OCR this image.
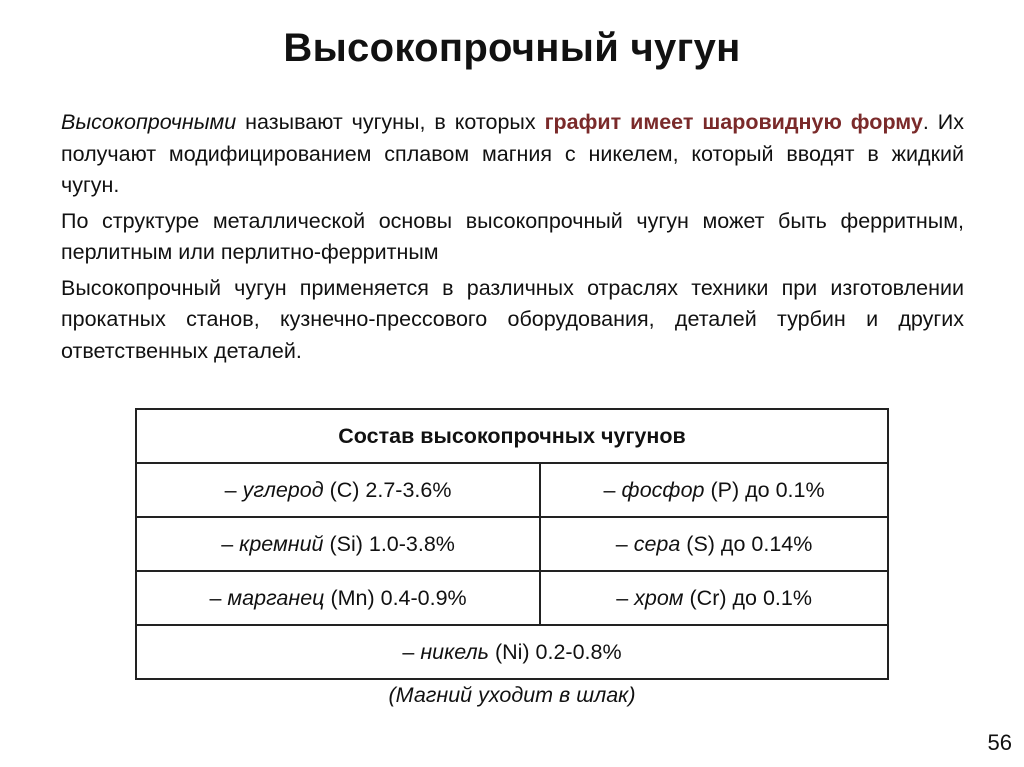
Высокопрочный чугун

Высокопрочными называют чугуны, в которых графит имеет шаровидную форму. Их получают модифицированием сплавом магния с никелем, который вводят в жидкий чугун.

По структуре металлической основы высокопрочный чугун может быть ферритным, перлитным или перлитно-ферритным

Высокопрочный чугун применяется в различных отраслях техники при изготовлении прокатных станов, кузнечно-прессового оборудования, деталей турбин и других ответственных деталей.

Состав высокопрочных чугунов	
– углерод (C) 2.7-3.6%	– фосфор (P) до 0.1%
– кремний (Si) 1.0-3.8%	– сера (S) до 0.14%
– марганец (Mn) 0.4-0.9%	– хром (Cr) до 0.1%
– никель (Ni) 0.2-0.8%	
(Магний уходит в шлак)
56
